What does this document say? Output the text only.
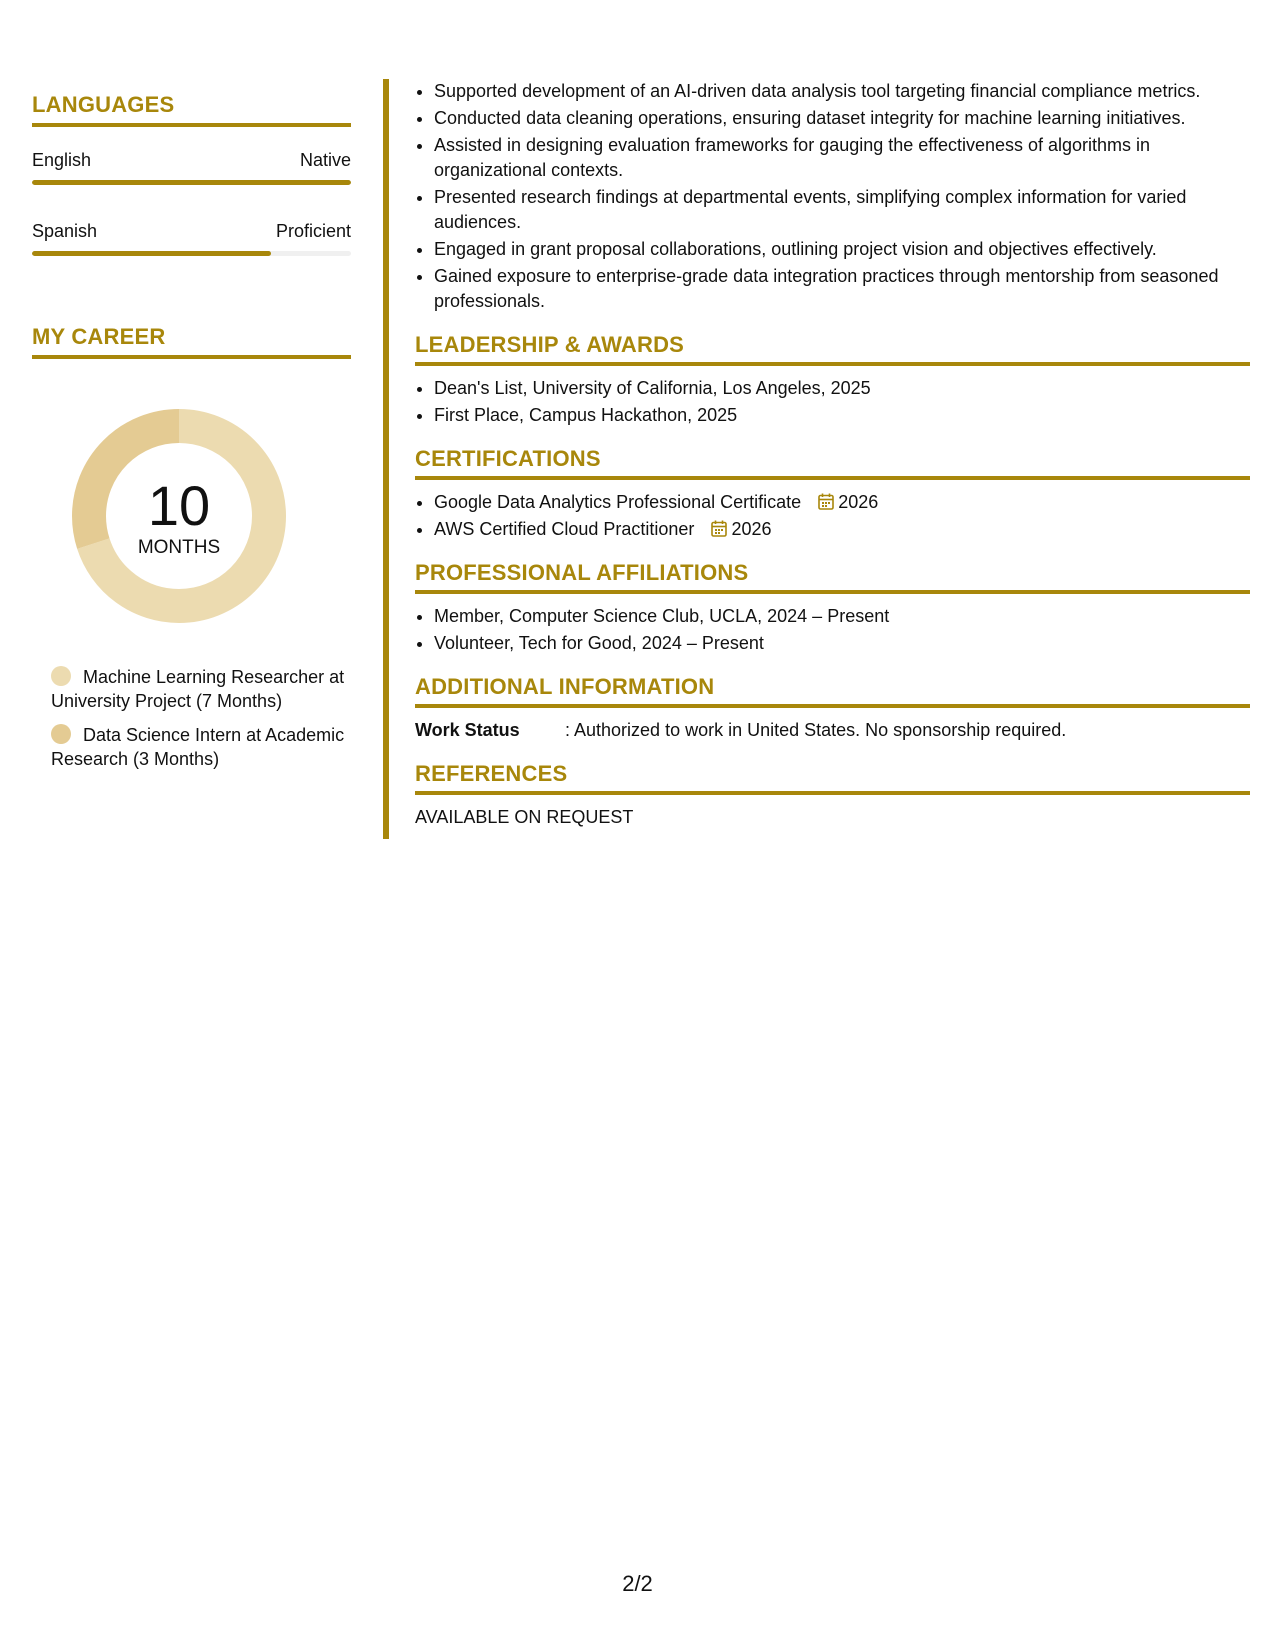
LANGUAGES
English	Native
Spanish	Proficient
MY CAREER
10
MONTHS
Machine Learning Researcher at University Project (7 Months)
Data Science Intern at Academic Research (3 Months)
• Supported development of an AI-driven data analysis tool targeting financial compliance metrics.
• Conducted data cleaning operations, ensuring dataset integrity for machine learning initiatives.
• Assisted in designing evaluation frameworks for gauging the effectiveness of algorithms in organizational contexts.
• Presented research findings at departmental events, simplifying complex information for varied audiences.
• Engaged in grant proposal collaborations, outlining project vision and objectives effectively.
• Gained exposure to enterprise-grade data integration practices through mentorship from seasoned professionals.
LEADERSHIP & AWARDS
• Dean's List, University of California, Los Angeles, 2025
• First Place, Campus Hackathon, 2025
CERTIFICATIONS
• Google Data Analytics Professional Certificate 2026
• AWS Certified Cloud Practitioner 2026
PROFESSIONAL AFFILIATIONS
• Member, Computer Science Club, UCLA, 2024 – Present
• Volunteer, Tech for Good, 2024 – Present
ADDITIONAL INFORMATION
Work Status	: Authorized to work in United States. No sponsorship required.
REFERENCES
AVAILABLE ON REQUEST
2/2
